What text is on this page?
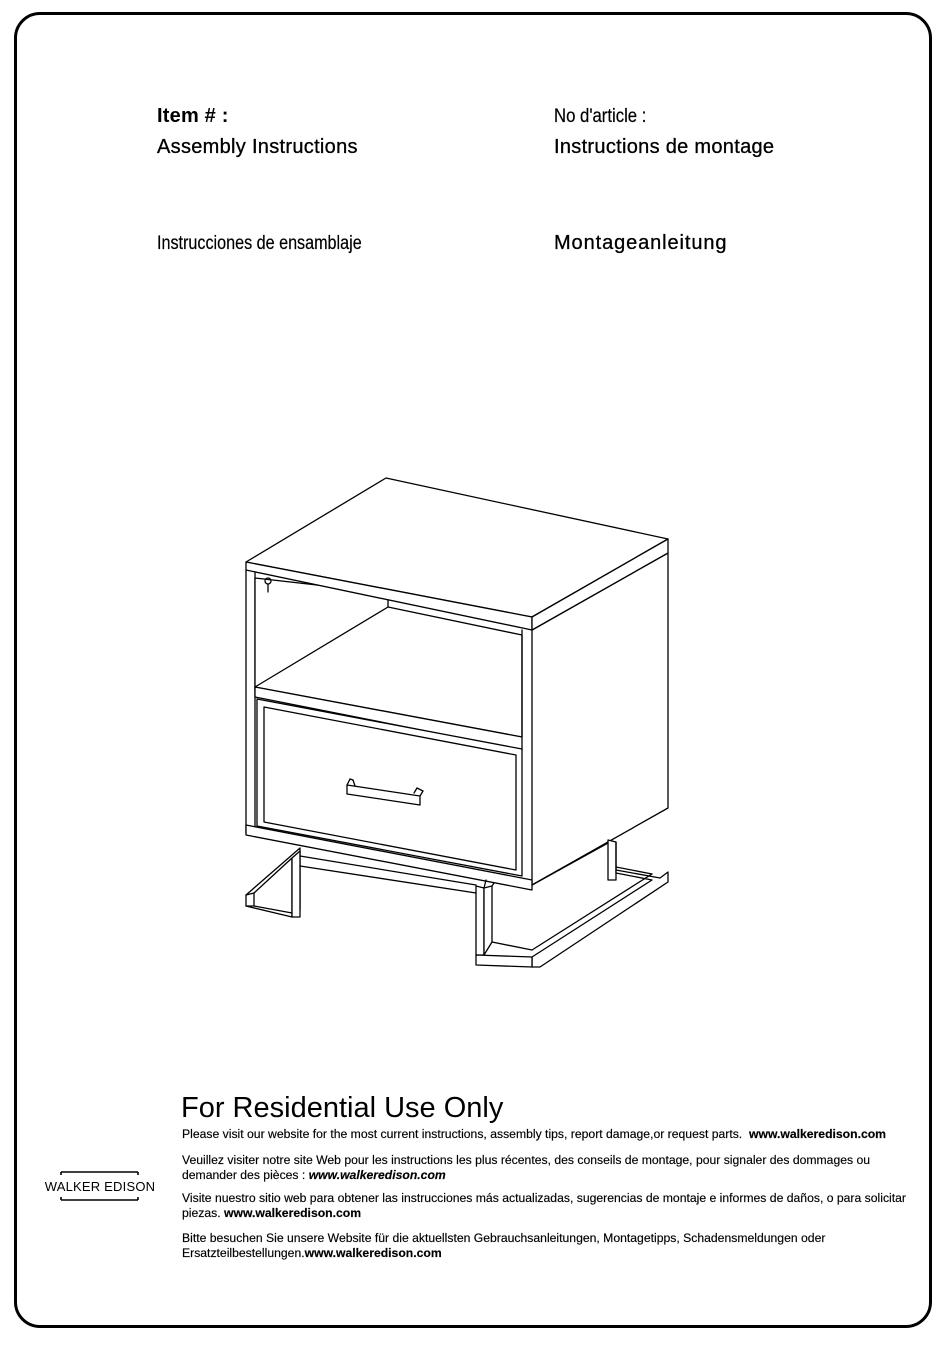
Item # :	No d'article :
Assembly Instructions	Instructions de montage
Instrucciones de ensamblaje	Montageanleitung
For Residential Use Only
Please visit our website for the most current instructions, assembly tips, report damage,or request parts. www.walkeredison.com
Veuillez visiter notre site Web pour les instructions les plus récentes, des conseils de montage, pour signaler des dommages ou demander des pièces : www.walkeredison.com
Visite nuestro sitio web para obtener las instrucciones más actualizadas, sugerencias de montaje e informes de daños, o para solicitar piezas. www.walkeredison.com
Bitte besuchen Sie unsere Website für die aktuellsten Gebrauchsanleitungen, Montagetipps, Schadensmeldungen oder Ersatzteilbestellungen.www.walkeredison.com
WALKER EDISON
